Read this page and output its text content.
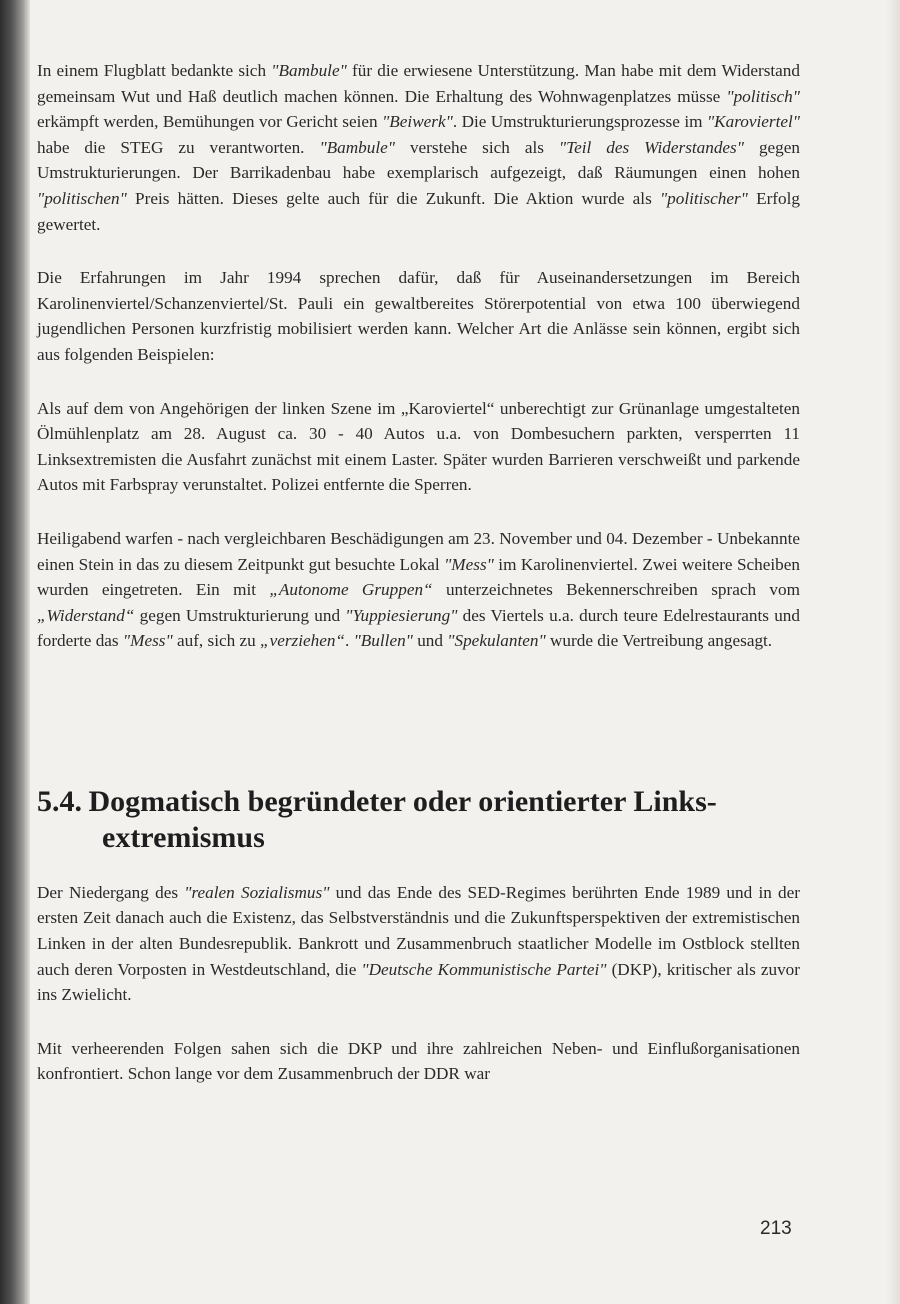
In einem Flugblatt bedankte sich "Bambule" für die erwiesene Unterstützung. Man habe mit dem Widerstand gemeinsam Wut und Haß deutlich machen können. Die Erhaltung des Wohnwagenplatzes müsse "politisch" erkämpft werden, Bemühungen vor Gericht seien "Beiwerk". Die Umstrukturierungsprozesse im "Karoviertel" habe die STEG zu verantworten. "Bambule" verstehe sich als "Teil des Widerstandes" gegen Umstrukturierungen. Der Barrikadenbau habe exemplarisch aufgezeigt, daß Räumungen einen hohen "politischen" Preis hätten. Dieses gelte auch für die Zukunft. Die Aktion wurde als "politischer" Erfolg gewertet.

Die Erfahrungen im Jahr 1994 sprechen dafür, daß für Auseinandersetzungen im Bereich Karolinenviertel/Schanzenviertel/St. Pauli ein gewaltbereites Störerpotential von etwa 100 überwiegend jugendlichen Personen kurzfristig mobilisiert werden kann. Welcher Art die Anlässe sein können, ergibt sich aus folgenden Beispielen:

Als auf dem von Angehörigen der linken Szene im „Karoviertel“ unberechtigt zur Grünanlage umgestalteten Ölmühlenplatz am 28. August ca. 30 - 40 Autos u.a. von Dombesuchern parkten, versperrten 11 Linksextremisten die Ausfahrt zunächst mit einem Laster. Später wurden Barrieren verschweißt und parkende Autos mit Farbspray verunstaltet. Polizei entfernte die Sperren.

Heiligabend warfen - nach vergleichbaren Beschädigungen am 23. November und 04. Dezember - Unbekannte einen Stein in das zu diesem Zeitpunkt gut besuchte Lokal "Mess" im Karolinenviertel. Zwei weitere Scheiben wurden eingetreten. Ein mit „Autonome Gruppen“ unterzeichnetes Bekennerschreiben sprach vom „Widerstand“ gegen Umstrukturierung und "Yuppiesierung" des Viertels u.a. durch teure Edelrestaurants und forderte das "Mess" auf, sich zu „verziehen“. "Bullen" und "Spekulanten" wurde die Vertreibung angesagt.

5.4. Dogmatisch begründeter oder orientierter Links-
extremismus

Der Niedergang des "realen Sozialismus" und das Ende des SED-Regimes berührten Ende 1989 und in der ersten Zeit danach auch die Existenz, das Selbstverständnis und die Zukunftsperspektiven der extremistischen Linken in der alten Bundesrepublik. Bankrott und Zusammenbruch staatlicher Modelle im Ostblock stellten auch deren Vorposten in Westdeutschland, die "Deutsche Kommunistische Partei" (DKP), kritischer als zuvor ins Zwielicht.

Mit verheerenden Folgen sahen sich die DKP und ihre zahlreichen Neben- und Einflußorganisationen konfrontiert. Schon lange vor dem Zusammenbruch der DDR war

213
